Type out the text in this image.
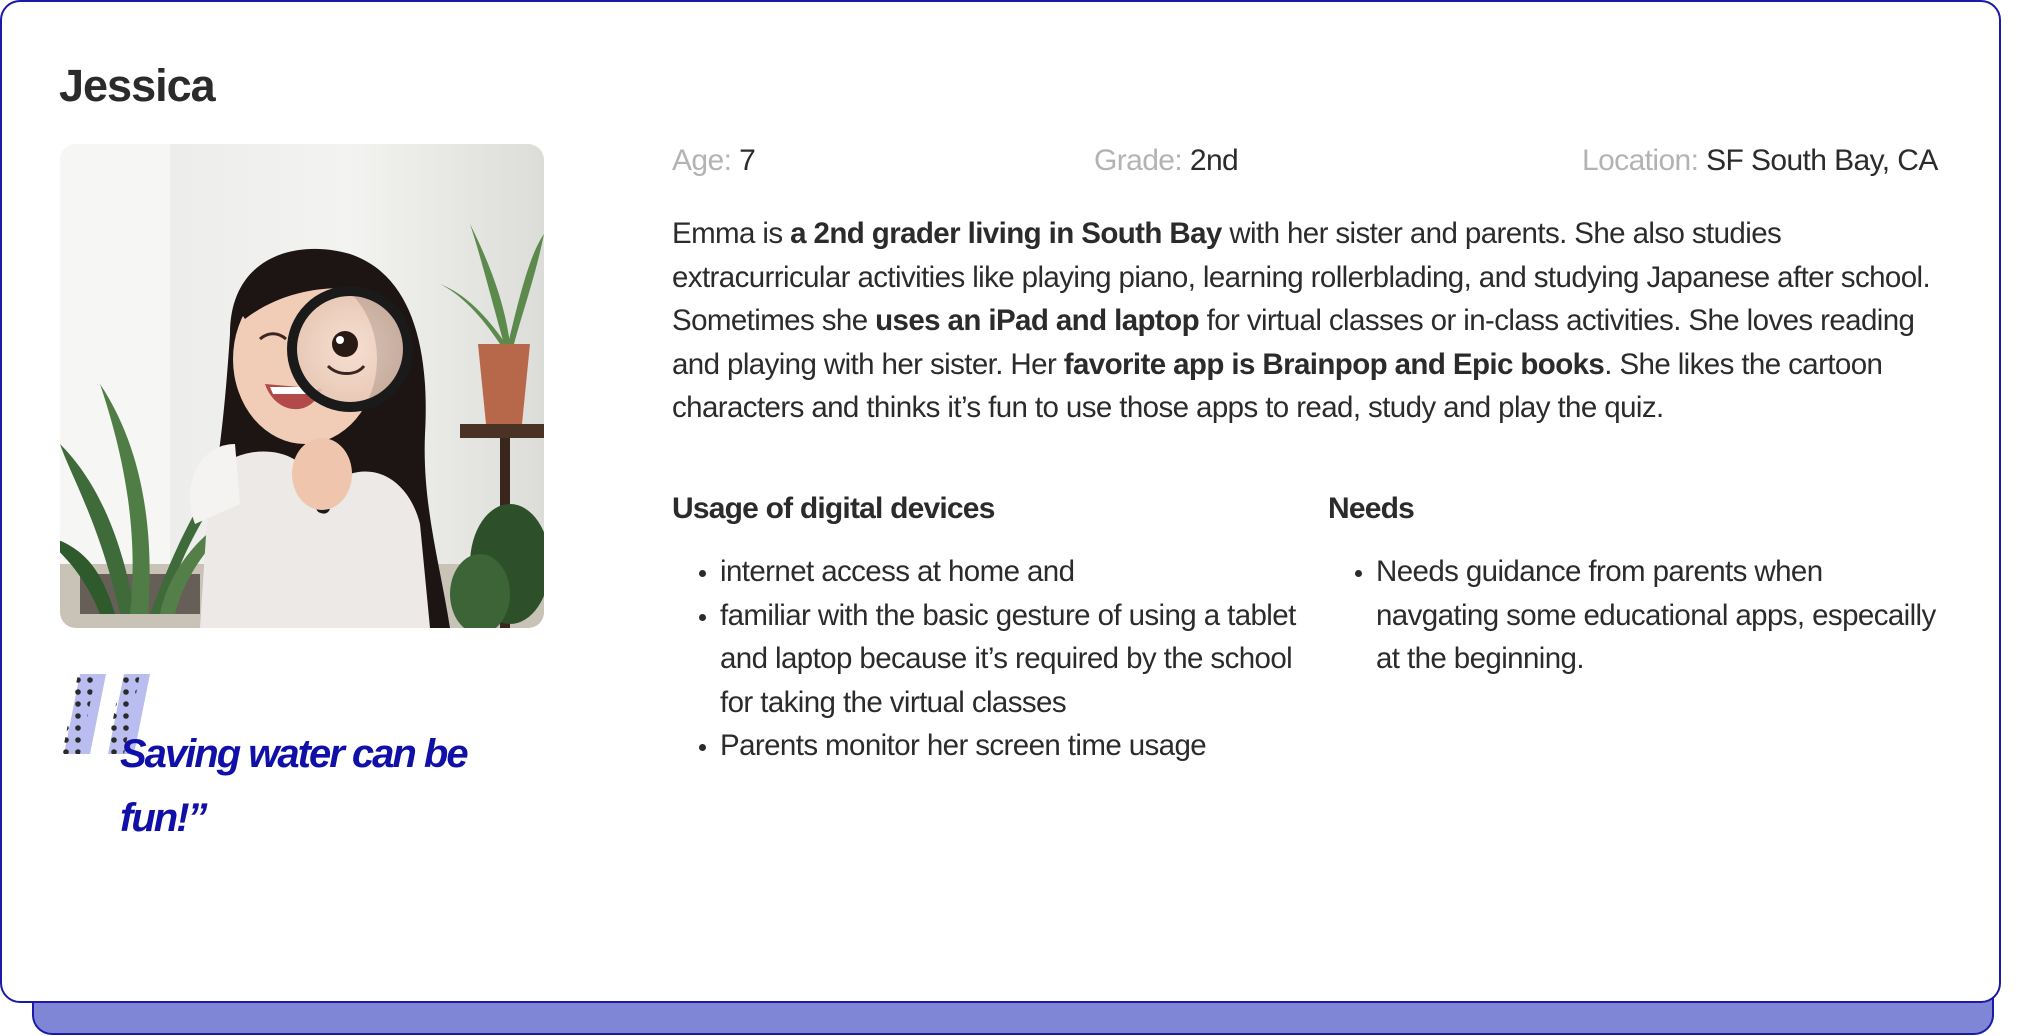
Jessica
Saving water can be fun!”
Age: 7	Grade: 2nd	Location: SF South Bay, CA

Emma is a 2nd grader living in South Bay with her sister and parents. She also studies extracurricular activities like playing piano, learning rollerblading, and studying Japanese after school. Sometimes she uses an iPad and laptop for virtual classes or in-class activities. She loves reading and playing with her sister. Her favorite app is Brainpop and Epic books. She likes the cartoon characters and thinks it’s fun to use those apps to read, study and play the quiz.

Usage of digital devices
• internet access at home and
• familiar with the basic gesture of using a tablet and laptop because it’s required by the school for taking the virtual classes
• Parents monitor her screen time usage
Needs
• Needs guidance from parents when navgating some educational apps, especailly at the beginning.
